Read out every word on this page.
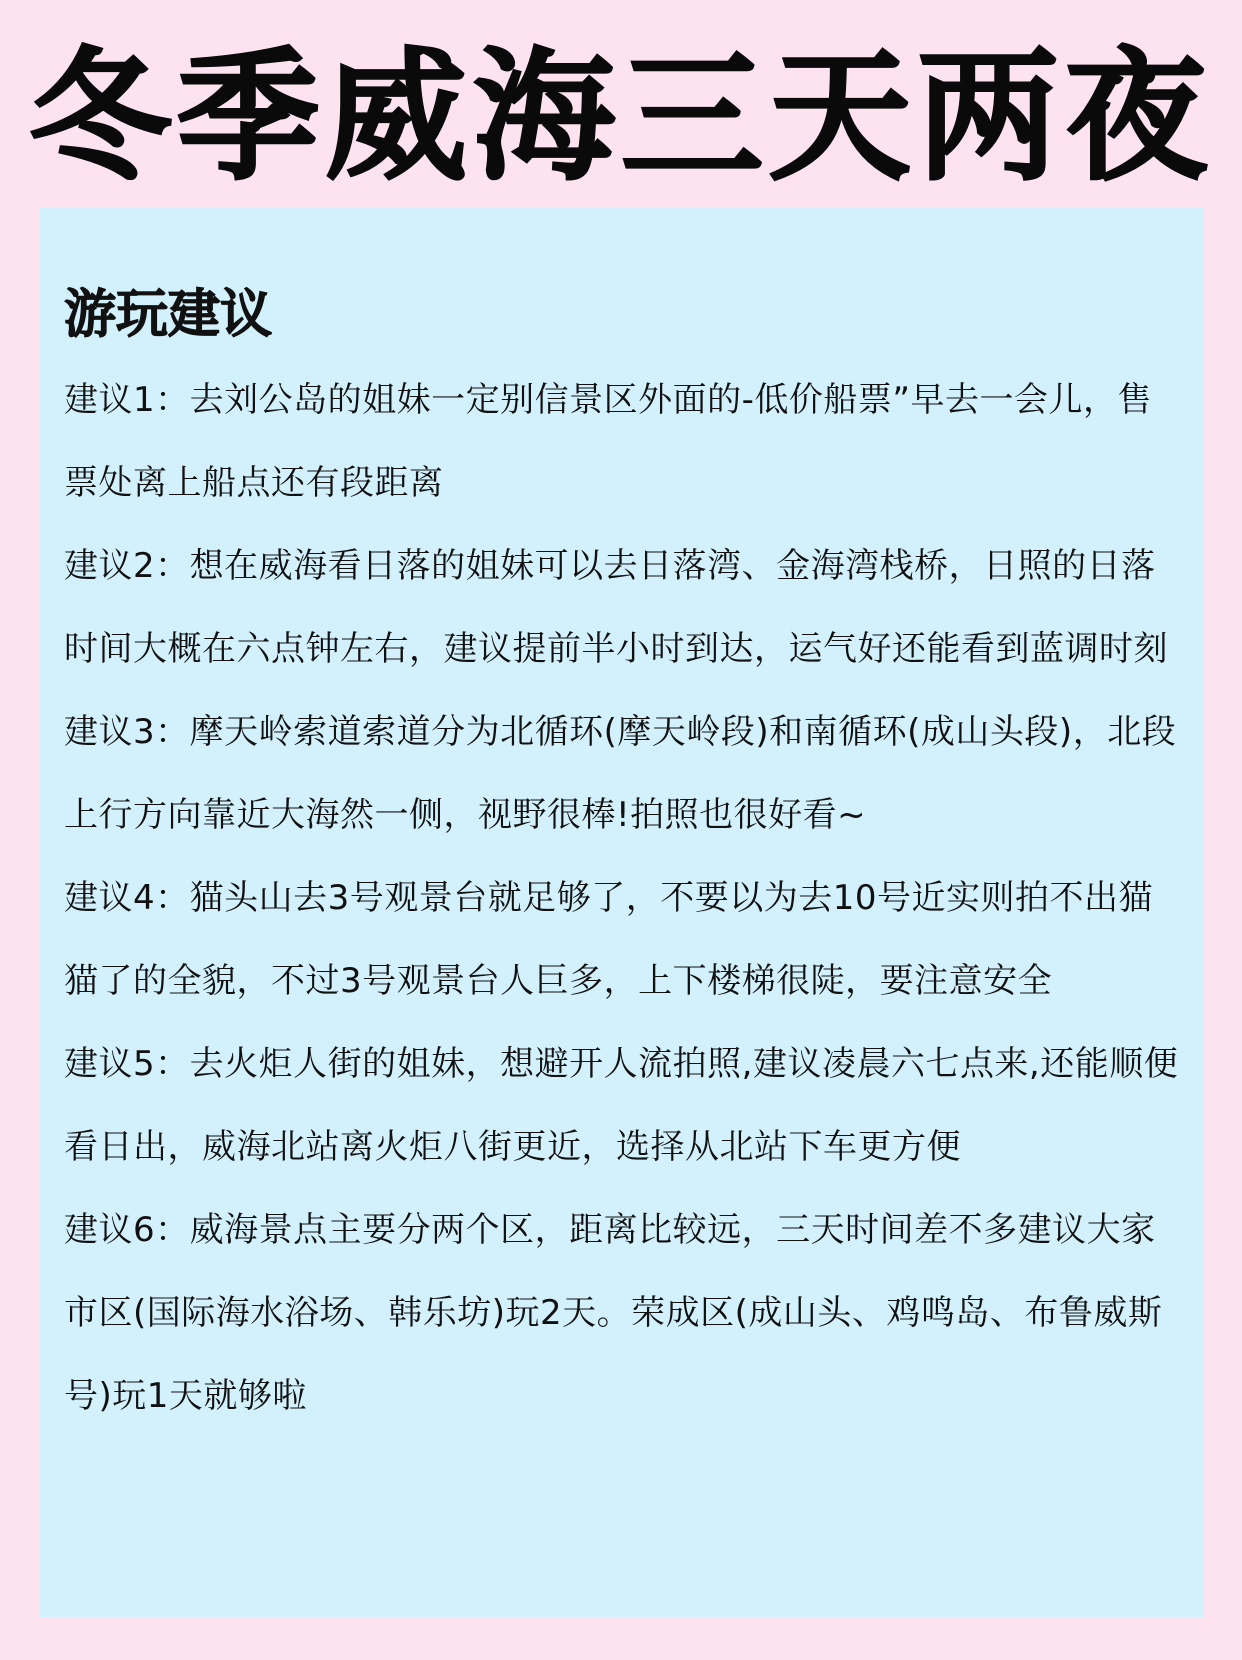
冬季威海三天两夜
游玩建议
建议1：去刘公岛的姐妹一定别信景区外面的-低价船票”早去一会儿，售票处离上船点还有段距离
建议2：想在威海看日落的姐妹可以去日落湾、金海湾栈桥，日照的日落时间大概在六点钟左右，建议提前半小时到达，运气好还能看到蓝调时刻
建议3：摩天岭索道索道分为北循环(摩天岭段)和南循环(成山头段)，北段上行方向靠近大海然一侧，视野很棒!拍照也很好看~
建议4：猫头山去3号观景台就足够了，不要以为去10号近实则拍不出猫猫了的全貌，不过3号观景台人巨多，上下楼梯很陡，要注意安全
建议5：去火炬人街的姐妹，想避开人流拍照,建议凌晨六七点来,还能顺便看日出，威海北站离火炬八街更近，选择从北站下车更方便
建议6：威海景点主要分两个区，距离比较远，三天时间差不多建议大家市区(国际海水浴场、韩乐坊)玩2天。荣成区(成山头、鸡鸣岛、布鲁威斯号)玩1天就够啦
